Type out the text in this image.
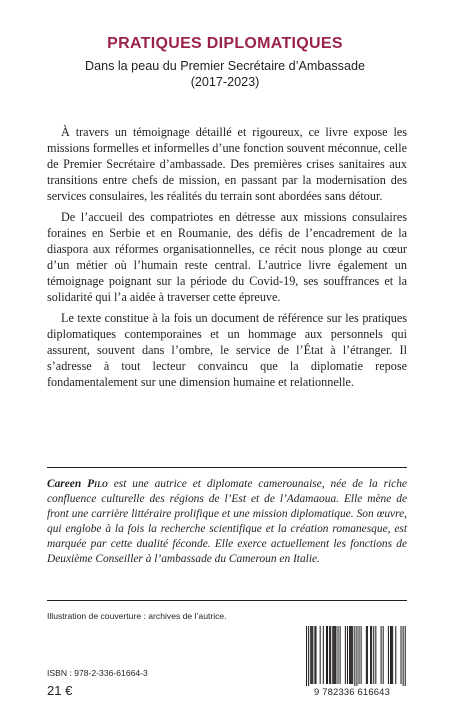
PRATIQUES DIPLOMATIQUES

Dans la peau du Premier Secrétaire d’Ambassade

(2017-2023)

À travers un témoignage détaillé et rigoureux, ce livre expose les missions formelles et informelles d’une fonction souvent méconnue, celle de Premier Secrétaire d’ambassade. Des premières crises sanitaires aux transitions entre chefs de mission, en passant par la modernisation des services consulaires, les réalités du terrain sont abordées sans détour.

De l’accueil des compatriotes en détresse aux missions consulaires foraines en Serbie et en Roumanie, des défis de l’encadrement de la diaspora aux réformes organisationnelles, ce récit nous plonge au cœur d’un métier où l’humain reste central. L’autrice livre également un témoignage poignant sur la période du Covid-19, ses souffrances et la solidarité qui l’a aidée à traverser cette épreuve.

Le texte constitue à la fois un document de référence sur les pratiques diplomatiques contemporaines et un hommage aux personnels qui assurent, souvent dans l’ombre, le service de l’État à l’étranger. Il s’adresse à tout lecteur convaincu que la diplomatie repose fondamentalement sur une dimension humaine et relationnelle.

Careen Pilo est une autrice et diplomate camerounaise, née de la riche confluence culturelle des régions de l’Est et de l’Adamaoua. Elle mène de front une carrière littéraire prolifique et une mission diplomatique. Son œuvre, qui englobe à la fois la recherche scientifique et la création romanesque, est marquée par cette dualité féconde. Elle exerce actuellement les fonctions de Deuxième Conseiller à l’ambassade du Cameroun en Italie.

Illustration de couverture : archives de l’autrice.

ISBN : 978-2-336-61664-3

21 €	9 782336 616643
